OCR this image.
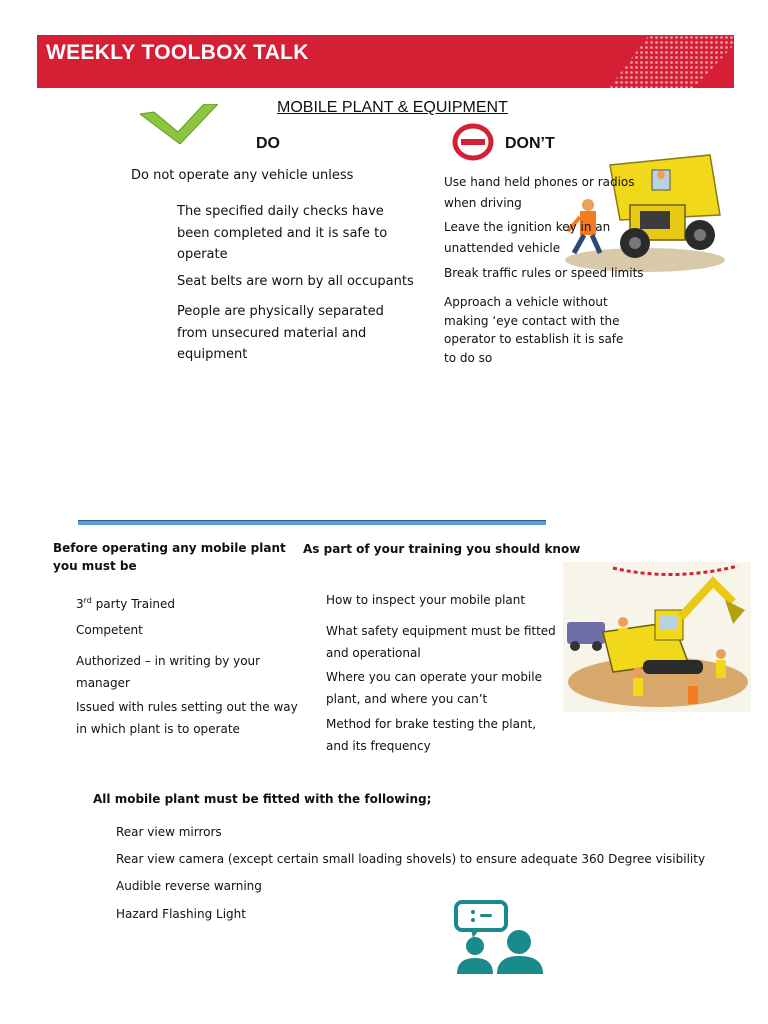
WEEKLY TOOLBOX TALK
MOBILE PLANT & EQUIPMENT
DO	DON’T
Do not operate any vehicle unless
The specified daily checks have been completed and it is safe to operate
Seat belts are worn by all occupants
People are physically separated from unsecured material and equipment
Use hand held phones or radios when driving
Leave the ignition key in an unattended vehicle
Break traffic rules or speed limits
Approach a vehicle without making ‘eye contact with the operator to establish it is safe to do so
Before operating any mobile plant you must be
3rd party Trained
Competent
Authorized – in writing by your manager
Issued with rules setting out the way in which plant is to operate
As part of your training you should know
How to inspect your mobile plant
What safety equipment must be fitted and operational
Where you can operate your mobile plant, and where you can’t
Method for brake testing the plant, and its frequency
All mobile plant must be fitted with the following;
Rear view mirrors
Rear view camera (except certain small loading shovels) to ensure adequate 360 Degree visibility
Audible reverse warning
Hazard Flashing Light
